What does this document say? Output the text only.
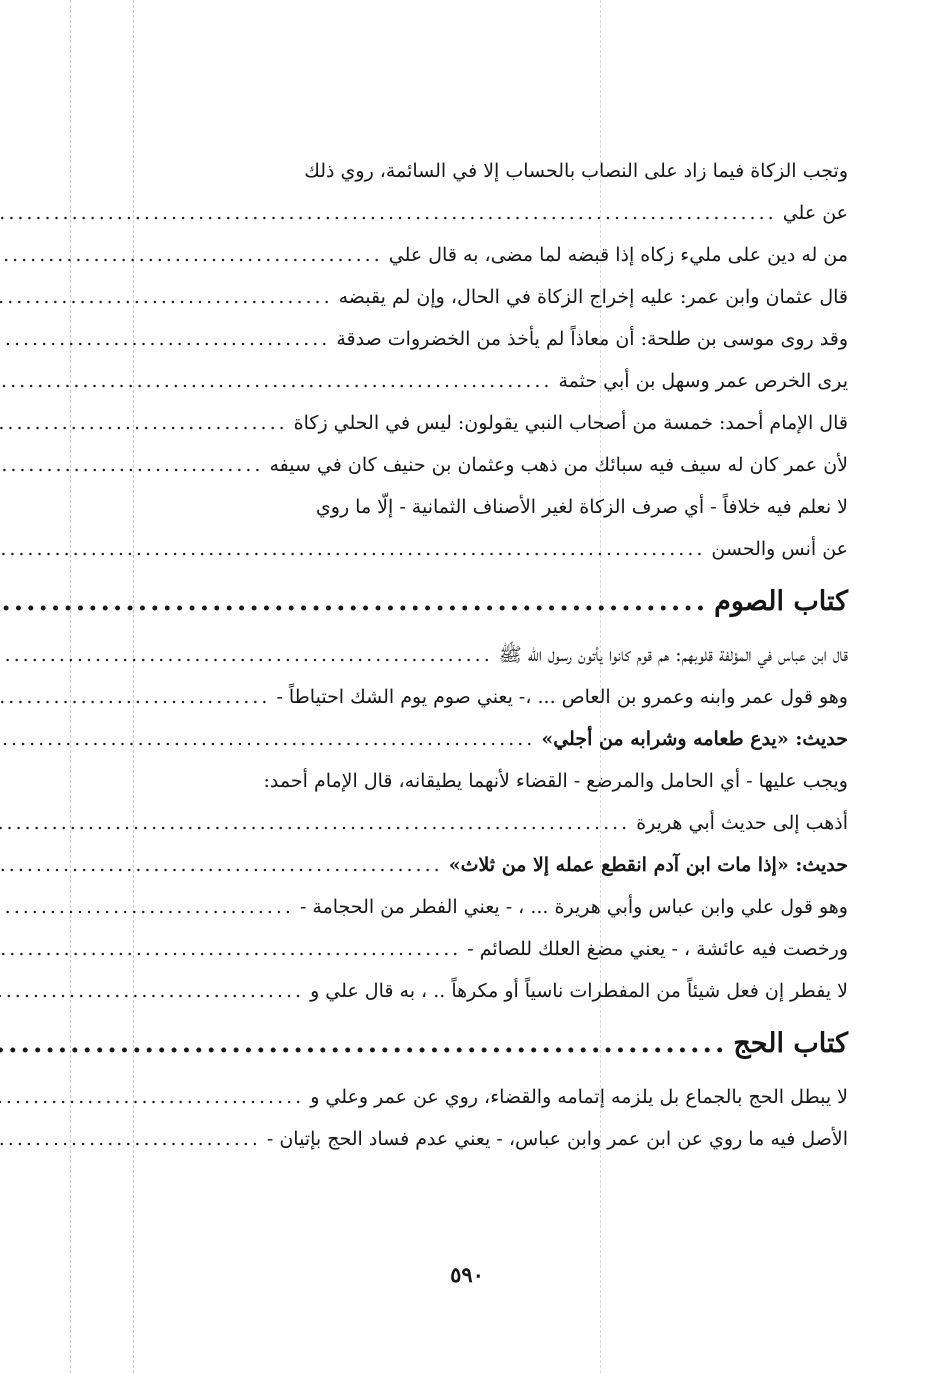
وتجب الزكاة فيما زاد على النصاب بالحساب إلا في السائمة، روي ذلك
عن علي
.....
من له دين على مليء زكاه إذا قبضه لما مضى، به قال علي
.....
قال عثمان وابن عمر: عليه إخراج الزكاة في الحال، وإن لم يقبضه
.....
وقد روى موسى بن طلحة: أن معاذاً لم يأخذ من الخضروات صدقة
.....
يرى الخرص عمر وسهل بن أبي حثمة
.....
قال الإمام أحمد: خمسة من أصحاب النبي يقولون: ليس في الحلي زكاة
.....
لأن عمر كان له سيف فيه سبائك من ذهب وعثمان بن حنيف كان في سيفه
.....
لا نعلم فيه خلافاً - أي صرف الزكاة لغير الأصناف الثمانية - إلّا ما روي
عن أنس والحسن
.....
كتاب الصوم
.....
قال ابن عباس في المؤلفة قلوبهم: هم قوم كانوا يأتون رسول الله ﷺ
.....
وهو قول عمر وابنه وعمرو بن العاص ... ،- يعني صوم يوم الشك احتياطاً -
.....
حديث: «يدع طعامه وشرابه من أجلي»
.....
ويجب عليها - أي الحامل والمرضع - القضاء لأنهما يطيقانه، قال الإمام أحمد:
أذهب إلى حديث أبي هريرة
.....
حديث: «إذا مات ابن آدم انقطع عمله إلا من ثلاث»
.....
وهو قول علي وابن عباس وأبي هريرة ... ، - يعني الفطر من الحجامة -
.....
ورخصت فيه عائشة ، - يعني مضغ العلك للصائم -
.....
لا يفطر إن فعل شيئاً من المفطرات ناسياً أو مكرهاً .. ، به قال علي و
.....
كتاب الحج
.....
لا يبطل الحج بالجماع بل يلزمه إتمامه والقضاء، روي عن عمر وعلي و
.....
الأصل فيه ما روي عن ابن عمر وابن عباس، - يعني عدم فساد الحج بإتيان -
.....
٥٩٠
